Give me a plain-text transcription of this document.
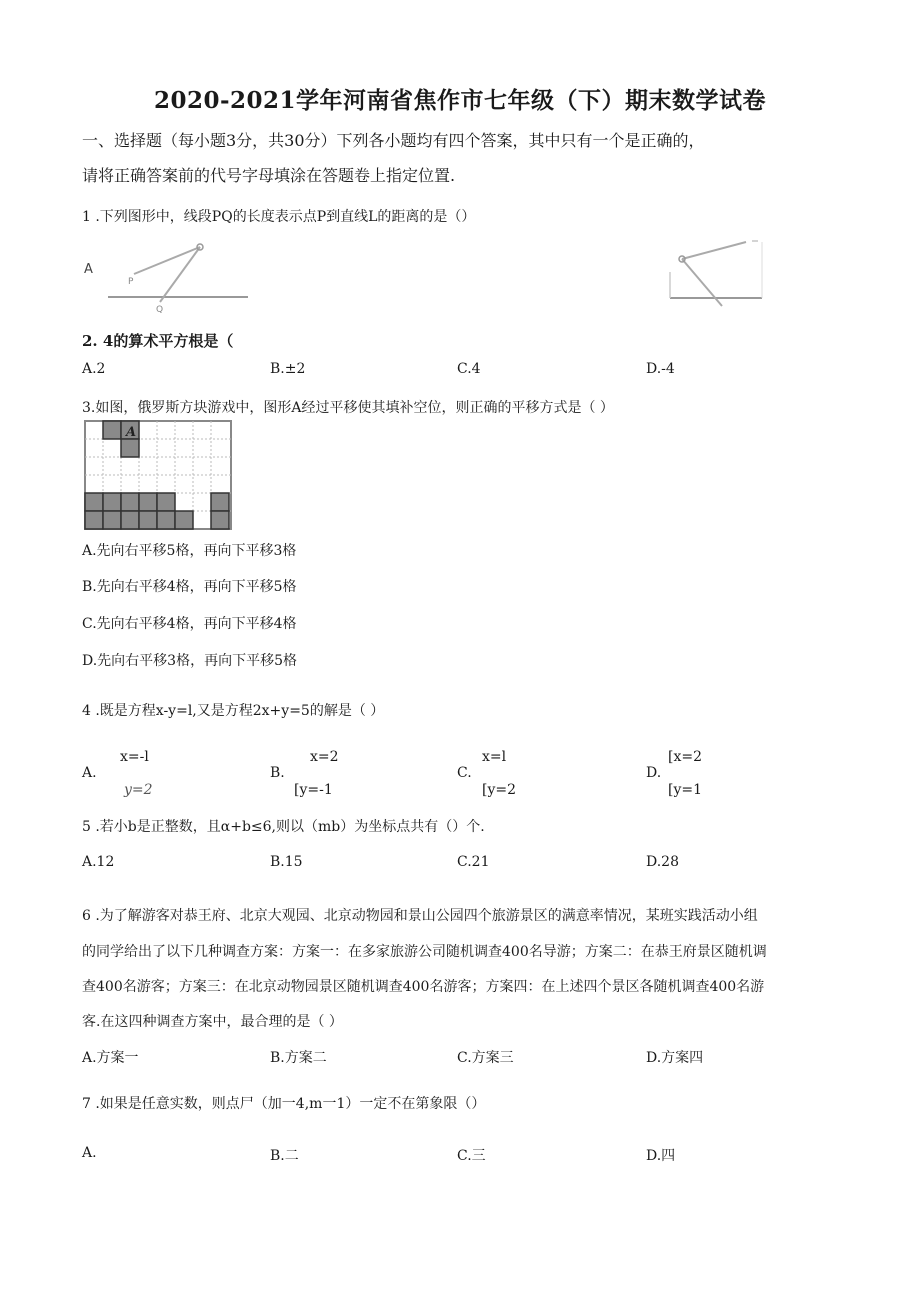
2020-2021学年河南省焦作市七年级（下）期末数学试卷
一、选择题（每小题3分，共30分）下列各小题均有四个答案，其中只有一个是正确的，
请将正确答案前的代号字母填涂在答题卷上指定位置.
1 .下列图形中，线段PQ的长度表示点P到直线L的距离的是（）
A
P
Q
2. 4的算术平方根是（
A.2	B.±2	C.4	D.-4
3.如图，俄罗斯方块游戏中，图形A经过平移使其填补空位，则正确的平移方式是（ ）
A
A.先向右平移5格，再向下平移3格
B.先向右平移4格，再向下平移5格
C.先向右平移4格，再向下平移4格
D.先向右平移3格，再向下平移5格
4 .既是方程x-y=l,又是方程2x+y=5的解是（ ）
x=-l
A.
y=2
x=2
B.
[y=-1
x=l
C.
[y=2
[x=2
D.
[y=1
5 .若小b是正整数，且α+b≤6,则以（mb）为坐标点共有（）个.
A.12	B.15	C.21	D.28
6 .为了解游客对恭王府、北京大观园、北京动物园和景山公园四个旅游景区的满意率情况，某班实践活动小组
的同学给出了以下几种调查方案：方案一：在多家旅游公司随机调查400名导游；方案二：在恭王府景区随机调
查400名游客；方案三：在北京动物园景区随机调查400名游客；方案四：在上述四个景区各随机调查400名游
客.在这四种调查方案中，最合理的是（ ）
A.方案一	B.方案二	C.方案三	D.方案四
7 .如果是任意实数，则点尸（加一4,m一1）一定不在第象限（）
A.	B.二	C.三	D.四
